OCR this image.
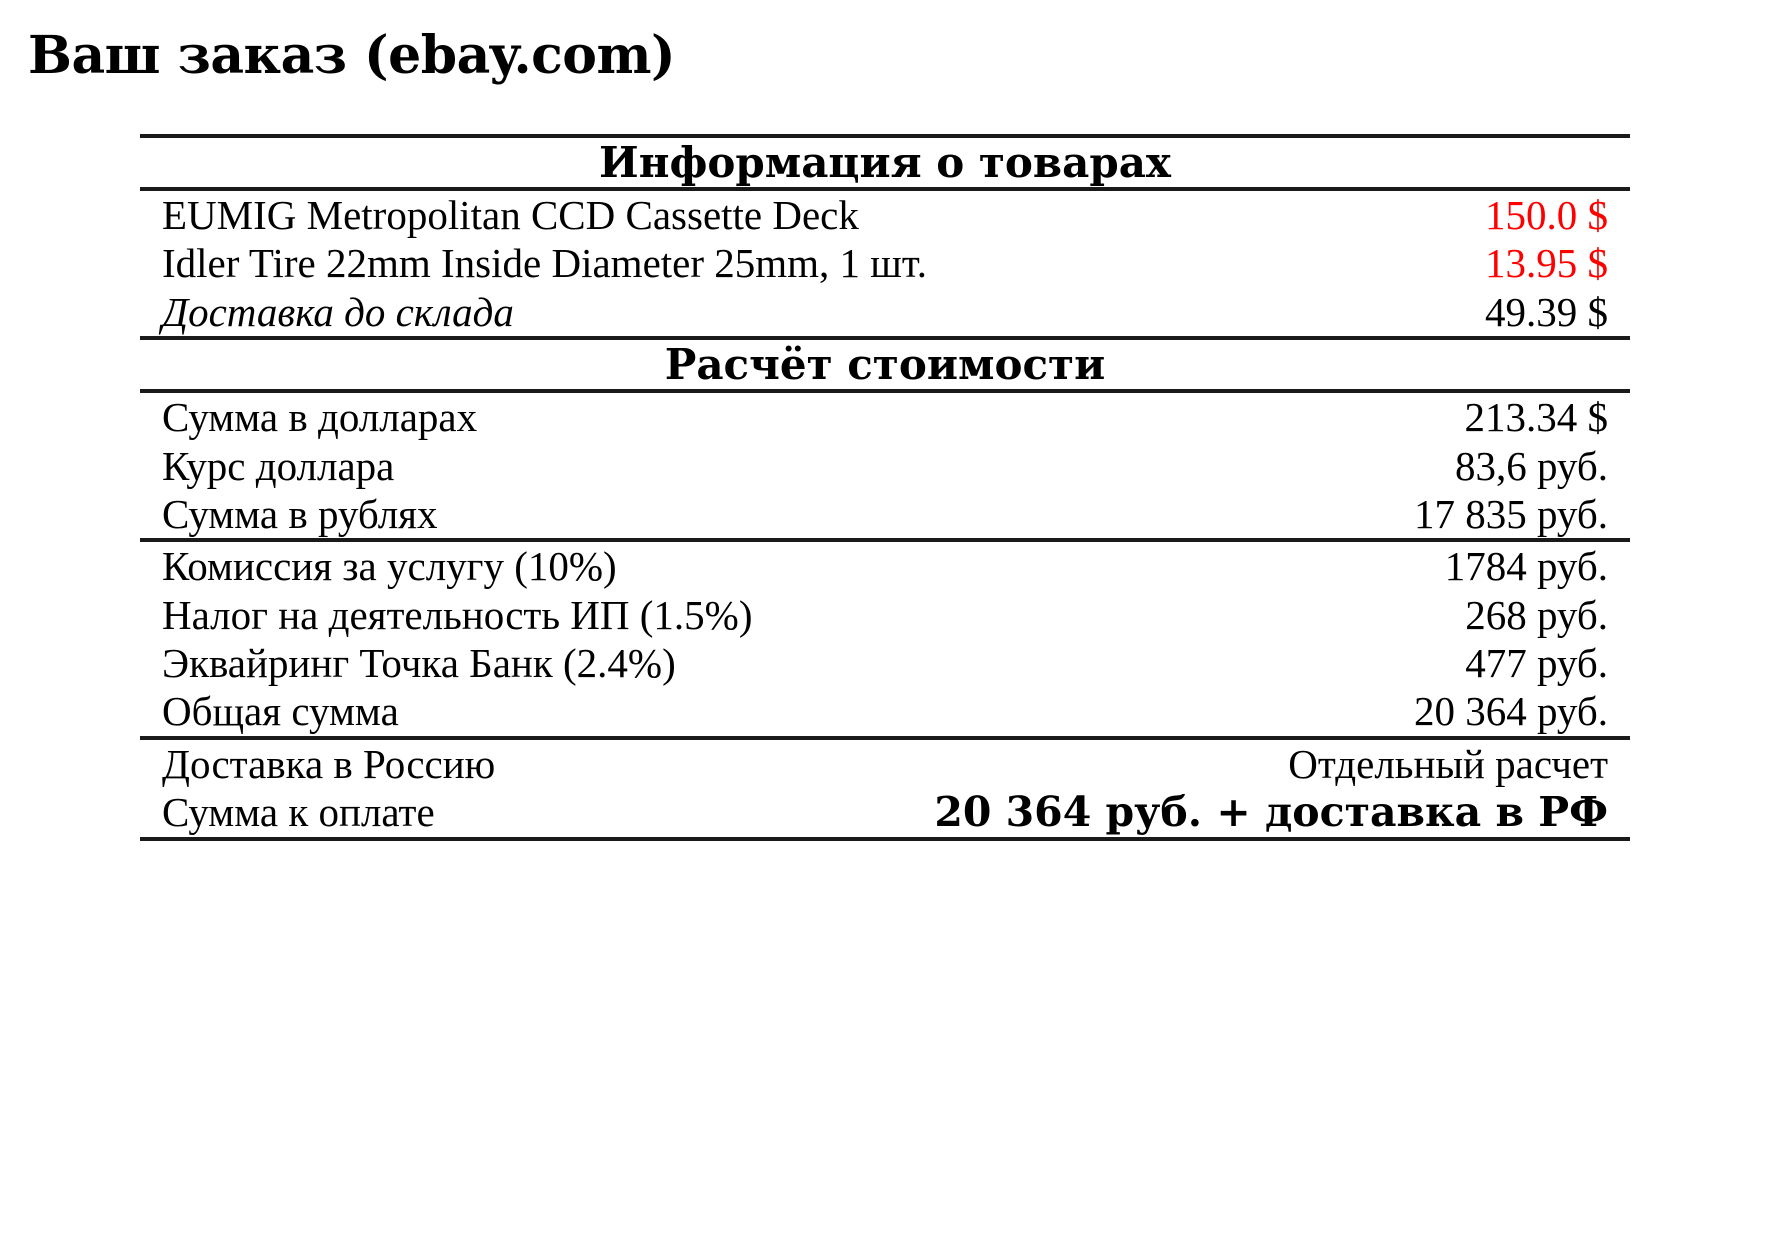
Ваш заказ (ebay.com)
Информация о товарах	
EUMIG Metropolitan CCD Cassette Deck	150.0 $
Idler Tire 22mm Inside Diameter 25mm, 1 шт.	13.95 $
Доставка до склада	49.39 $
Расчёт стоимости	
Сумма в долларах	213.34 $
Курс доллара	83,6 руб.
Сумма в рублях	17 835 руб.
Комиссия за услугу (10%)	1784 руб.
Налог на деятельность ИП (1.5%)	268 руб.
Эквайринг Точка Банк (2.4%)	477 руб.
Общая сумма	20 364 руб.
Доставка в Россию	Отдельный расчет
Сумма к оплате	20 364 руб. + доставка в РФ
